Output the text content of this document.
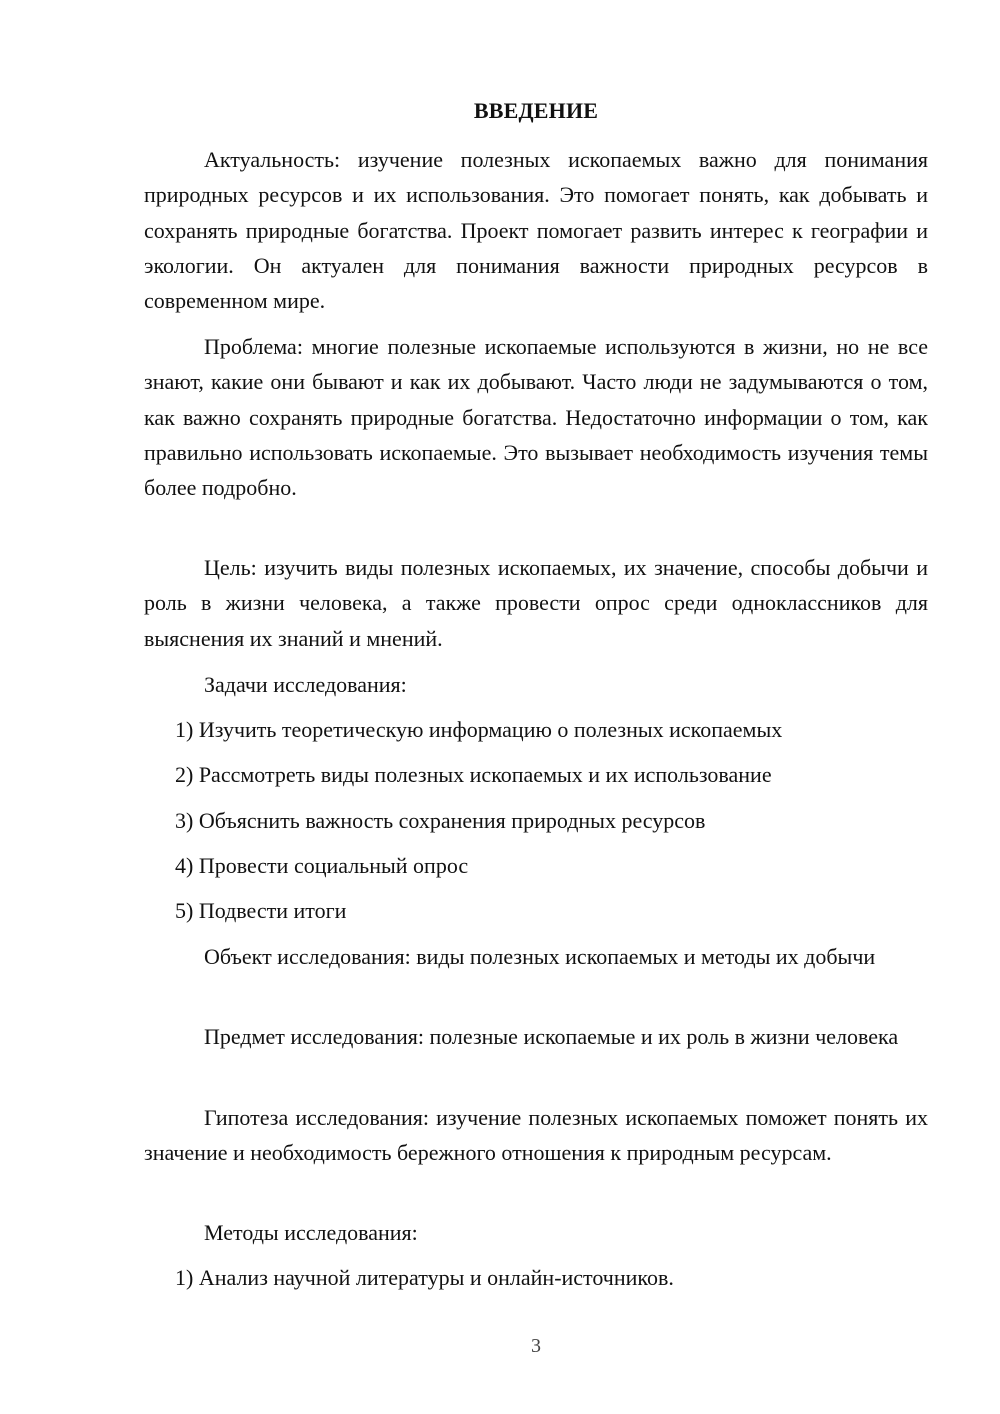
ВВЕДЕНИЕ

Актуальность: изучение полезных ископаемых важно для понимания природных ресурсов и их использования. Это помогает понять, как добывать и сохранять природные богатства. Проект помогает развить интерес к географии и экологии. Он актуален для понимания важности природных ресурсов в современном мире.

Проблема: многие полезные ископаемые используются в жизни, но не все знают, какие они бывают и как их добывают. Часто люди не задумываются о том, как важно сохранять природные богатства. Недостаточно информации о том, как правильно использовать ископаемые. Это вызывает необходимость изучения темы более подробно.

Цель: изучить виды полезных ископаемых, их значение, способы добычи и роль в жизни человека, а также провести опрос среди одноклассников для выяснения их знаний и мнений.

Задачи исследования:

1) Изучить теоретическую информацию о полезных ископаемых

2) Рассмотреть виды полезных ископаемых и их использование

3) Объяснить важность сохранения природных ресурсов

4) Провести социальный опрос

5) Подвести итоги

Объект исследования: виды полезных ископаемых и методы их добычи

Предмет исследования: полезные ископаемые и их роль в жизни человека

Гипотеза исследования: изучение полезных ископаемых поможет понять их значение и необходимость бережного отношения к природным ресурсам.

Методы исследования:

1) Анализ научной литературы и онлайн-источников.

3
